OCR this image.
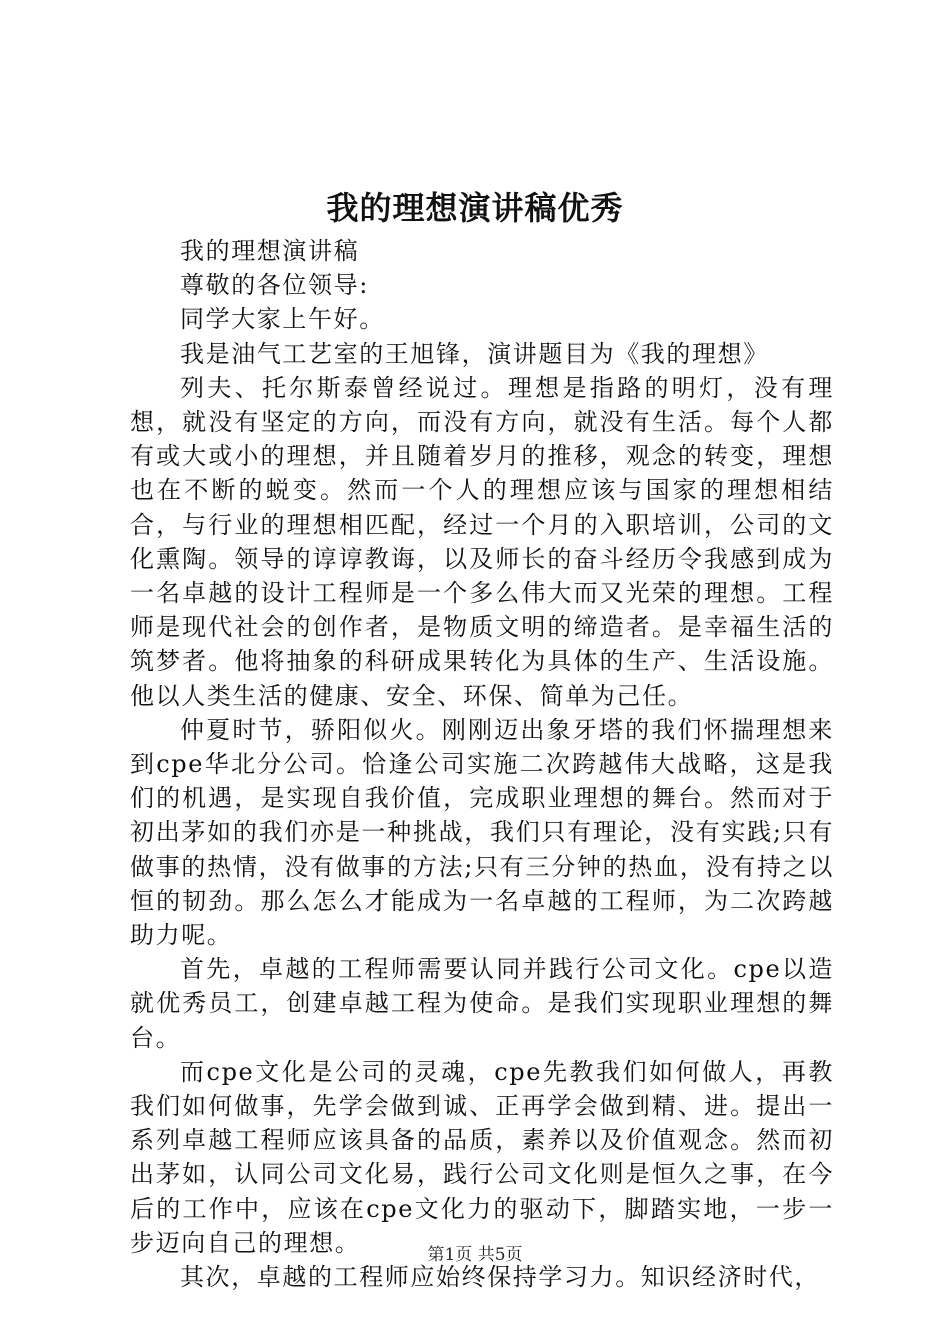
我的理想演讲稿优秀

我的理想演讲稿

尊敬的各位领导:

同学大家上午好。

我是油气工艺室的王旭锋，演讲题目为《我的理想》

列夫、托尔斯泰曾经说过。理想是指路的明灯，没有理想，就没有坚定的方向，而没有方向，就没有生活。每个人都有或大或小的理想，并且随着岁月的推移，观念的转变，理想也在不断的蜕变。然而一个人的理想应该与国家的理想相结合，与行业的理想相匹配，经过一个月的入职培训，公司的文化熏陶。领导的谆谆教诲，以及师长的奋斗经历令我感到成为一名卓越的设计工程师是一个多么伟大而又光荣的理想。工程师是现代社会的创作者，是物质文明的缔造者。是幸福生活的筑梦者。他将抽象的科研成果转化为具体的生产、生活设施。他以人类生活的健康、安全、环保、简单为己任。

仲夏时节，骄阳似火。刚刚迈出象牙塔的我们怀揣理想来到cpe华北分公司。恰逢公司实施二次跨越伟大战略，这是我们的机遇，是实现自我价值，完成职业理想的舞台。然而对于初出茅如的我们亦是一种挑战，我们只有理论，没有实践;只有做事的热情，没有做事的方法;只有三分钟的热血，没有持之以恒的韧劲。那么怎么才能成为一名卓越的工程师，为二次跨越助力呢。

首先，卓越的工程师需要认同并践行公司文化。cpe以造就优秀员工，创建卓越工程为使命。是我们实现职业理想的舞台。

而cpe文化是公司的灵魂，cpe先教我们如何做人，再教我们如何做事，先学会做到诚、正再学会做到精、进。提出一系列卓越工程师应该具备的品质，素养以及价值观念。然而初出茅如，认同公司文化易，践行公司文化则是恒久之事，在今后的工作中，应该在cpe文化力的驱动下，脚踏实地，一步一步迈向自己的理想。

其次，卓越的工程师应始终保持学习力。知识经济时代，

第1页 共5页
